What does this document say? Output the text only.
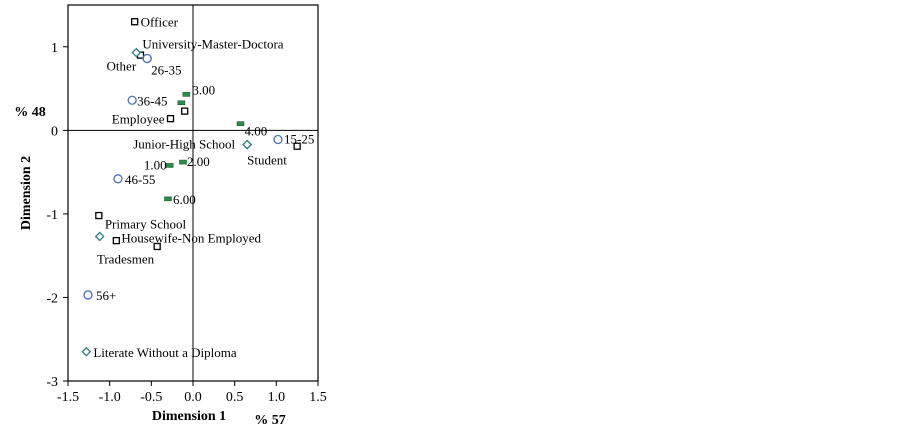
-1.5 -1.0 -0.5 0.0 0.5 1.0 1.5
1
0
-1
-2
-3
Officer
Employee
Primary School
Housewife-Non Employed
Tradesmen
University-Master-Doctora
Junior-High School
Student
Literate Without a Diploma
Other 26-35
36-45
15-25
46-55
56+
3.00
4.00
1.00 2.00
6.00
Dimension 1 % 57
Dimension 2
% 48
